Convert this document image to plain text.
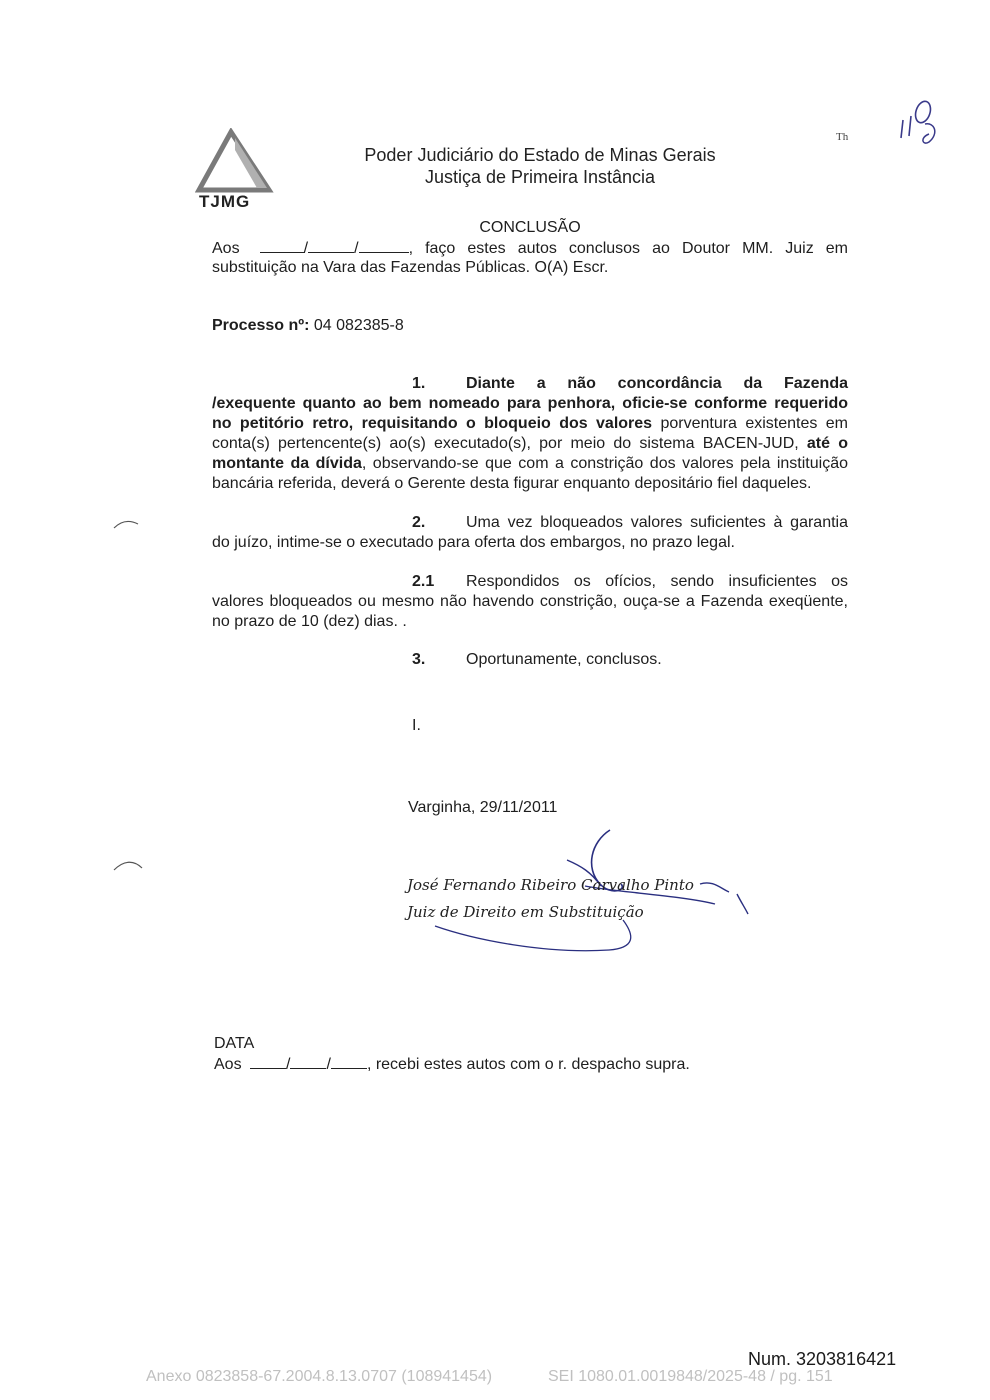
TJMG
Poder Judiciário do Estado de Minas Gerais
Justiça de Primeira Instância
Th
CONCLUSÃO
Aos	/	/	, faço estes autos conclusos ao Doutor MM. Juiz em
substituição na Vara das Fazendas Públicas. O(A) Escr.
Processo nº: 04 082385-8
1.	Diante a não concordância da Fazenda /exequente quanto ao bem nomeado para penhora, oficie-se conforme requerido no petitório retro, requisitando o bloqueio dos valores porventura existentes em conta(s) pertencente(s) ao(s) executado(s), por meio do sistema BACEN-JUD, até o montante da dívida, observando-se que com a constrição dos valores pela instituição bancária referida, deverá o Gerente desta figurar enquanto depositário fiel daqueles.
2.	Uma vez bloqueados valores suficientes à garantia do juízo, intime-se o executado para oferta dos embargos, no prazo legal.
2.1 Respondidos os ofícios, sendo insuficientes os valores bloqueados ou mesmo não havendo constrição, ouça-se a Fazenda exeqüente, no prazo de 10 (dez) dias. .
3.	Oportunamente, conclusos.
I.
Varginha, 29/11/2011
José Fernando Ribeiro Carvalho Pinto
Juiz de Direito em Substituição
DATA
Aos	/ / , recebi estes autos com o r. despacho supra.
Num. 3203816421
Anexo 0823858-67.2004.8.13.0707 (108941454)	SEI 1080.01.0019848/2025-48 / pg. 151
